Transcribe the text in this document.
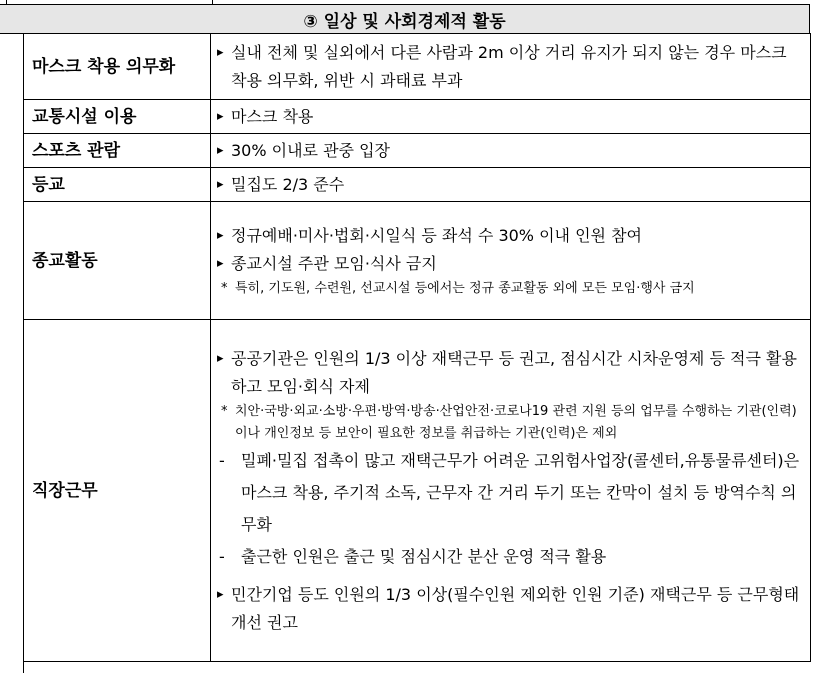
③ 일상 및 사회경제적 활동
마스크 착용 의무화	▸ 실내 전체 및 실외에서 다른 사람과 2m 이상 거리 유지가 되지 않는 경우 마스크 착용 의무화, 위반 시 과태료 부과

교통시설 이용	▸ 마스크 착용

스포츠 관람	▸ 30% 이내로 관중 입장

등교	▸ 밀집도 2/3 준수

종교활동	▸ 정규예배·미사·법회·시일식 등 좌석 수 30% 이내 인원 참여
▸ 종교시설 주관 모임·식사 금지
* 특히, 기도원, 수련원, 선교시설 등에서는 정규 종교활동 외에 모든 모임·행사 금지

직장근무	▸ 공공기관은 인원의 1/3 이상 재택근무 등 권고, 점심시간 시차운영제 등 적극 활용하고 모임·회식 자제
* 치안·국방·외교·소방·우편·방역·방송·산업안전·코로나19 관련 지원 등의 업무를 수행하는 기관(인력)이나 개인정보 등 보안이 필요한 정보를 취급하는 기관(인력)은 제외
- 밀폐·밀집 접촉이 많고 재택근무가 어려운 고위험사업장(콜센터,유통물류센터)은 마스크 착용, 주기적 소독, 근무자 간 거리 두기 또는 칸막이 설치 등 방역수칙 의무화
- 출근한 인원은 출근 및 점심시간 분산 운영 적극 활용
▸ 민간기업 등도 인원의 1/3 이상(필수인원 제외한 인원 기준) 재택근무 등 근무형태 개선 권고
